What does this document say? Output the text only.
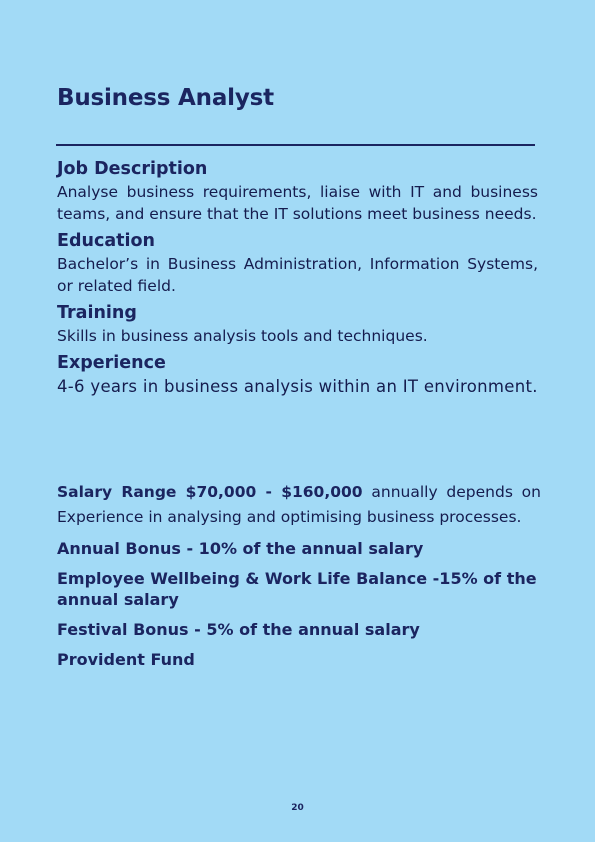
Business Analyst
Job Description

Analyse business requirements, liaise with IT and business teams, and ensure that the IT solutions meet business needs.

Education

Bachelor’s in Business Administration, Information Systems, or related field.

Training

Skills in business analysis tools and techniques.

Experience

4-6 years in business analysis within an IT environment.

Salary Range $70,000 - $160,000 annually depends on Experience in analysing and optimising business processes.

Annual Bonus - 10% of the annual salary

Employee Wellbeing & Work Life Balance -15% of the annual salary

Festival Bonus - 5% of the annual salary

Provident Fund

20
